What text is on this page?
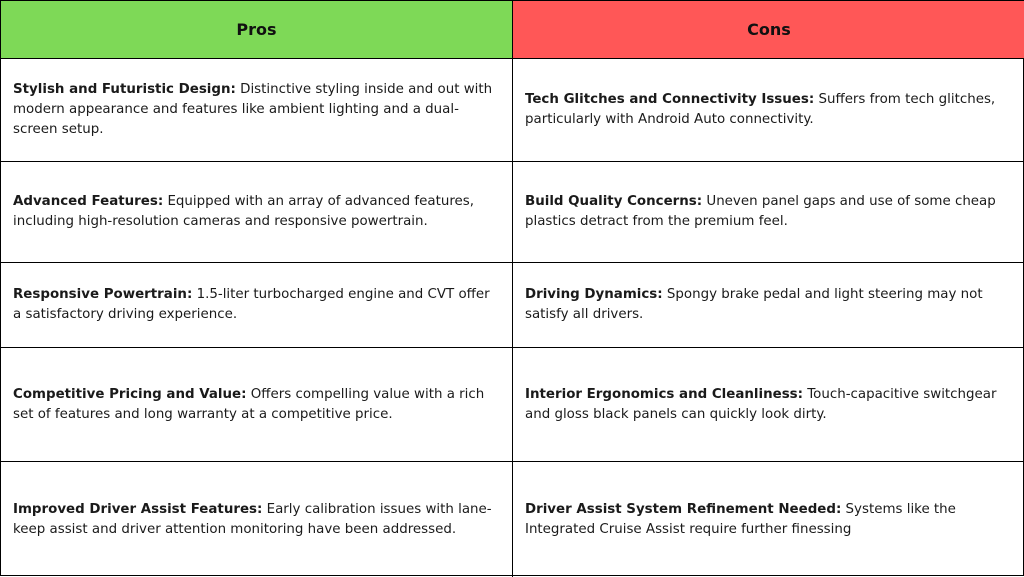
Pros	Cons

Stylish and Futuristic Design: Distinctive styling inside and out with modern appearance and features like ambient lighting and a dual-screen setup.

Tech Glitches and Connectivity Issues: Suffers from tech glitches, particularly with Android Auto connectivity.

Advanced Features: Equipped with an array of advanced features, including high-resolution cameras and responsive powertrain.

Build Quality Concerns: Uneven panel gaps and use of some cheap plastics detract from the premium feel.

Responsive Powertrain: 1.5-liter turbocharged engine and CVT offer a satisfactory driving experience.

Driving Dynamics: Spongy brake pedal and light steering may not satisfy all drivers.

Competitive Pricing and Value: Offers compelling value with a rich set of features and long warranty at a competitive price.

Interior Ergonomics and Cleanliness: Touch-capacitive switchgear and gloss black panels can quickly look dirty.

Improved Driver Assist Features: Early calibration issues with lane-keep assist and driver attention monitoring have been addressed.

Driver Assist System Refinement Needed: Systems like the Integrated Cruise Assist require further finessing
